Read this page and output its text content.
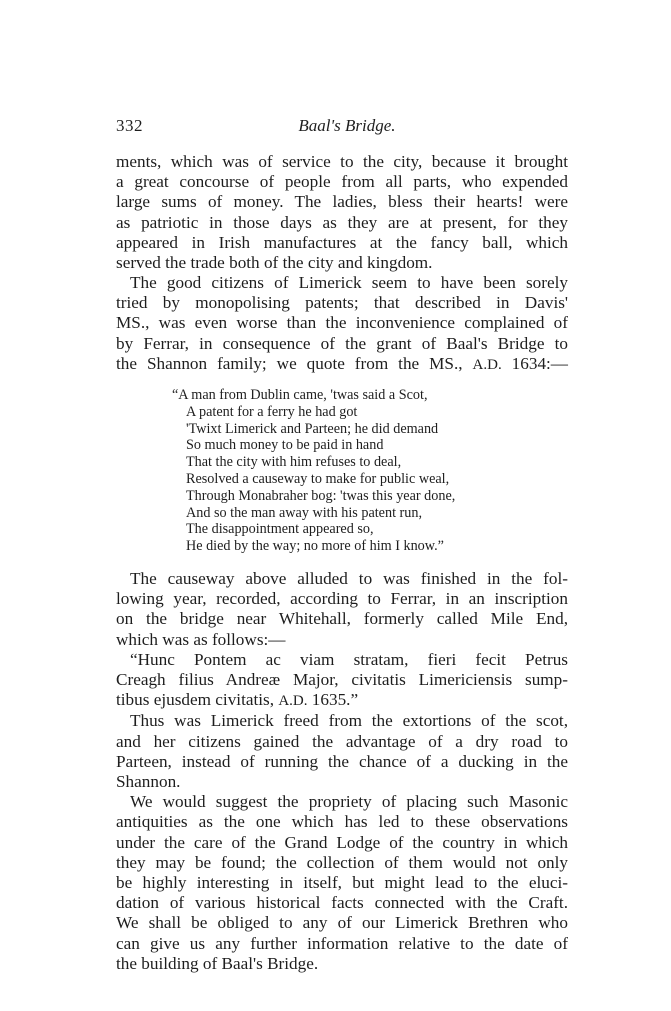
332	Baal's Bridge.
ments, which was of service to the city, because it brought
a great concourse of people from all parts, who expended
large sums of money. The ladies, bless their hearts! were
as patriotic in those days as they are at present, for they
appeared in Irish manufactures at the fancy ball, which
served the trade both of the city and kingdom.
The good citizens of Limerick seem to have been sorely
tried by monopolising patents; that described in Davis'
MS., was even worse than the inconvenience complained of
by Ferrar, in consequence of the grant of Baal's Bridge to
the Shannon family; we quote from the MS., A.D. 1634:—
“A man from Dublin came, 'twas said a Scot,
A patent for a ferry he had got
'Twixt Limerick and Parteen; he did demand
So much money to be paid in hand
That the city with him refuses to deal,
Resolved a causeway to make for public weal,
Through Monabraher bog: 'twas this year done,
And so the man away with his patent run,
The disappointment appeared so,
He died by the way; no more of him I know.”
The causeway above alluded to was finished in the fol-
lowing year, recorded, according to Ferrar, in an inscription
on the bridge near Whitehall, formerly called Mile End,
which was as follows:—
“Hunc Pontem ac viam stratam, fieri fecit Petrus
Creagh filius Andreæ Major, civitatis Limericiensis sump-
tibus ejusdem civitatis, A.D. 1635.”
Thus was Limerick freed from the extortions of the scot,
and her citizens gained the advantage of a dry road to
Parteen, instead of running the chance of a ducking in the
Shannon.
We would suggest the propriety of placing such Masonic
antiquities as the one which has led to these observations
under the care of the Grand Lodge of the country in which
they may be found; the collection of them would not only
be highly interesting in itself, but might lead to the eluci-
dation of various historical facts connected with the Craft.
We shall be obliged to any of our Limerick Brethren who
can give us any further information relative to the date of
the building of Baal's Bridge.
